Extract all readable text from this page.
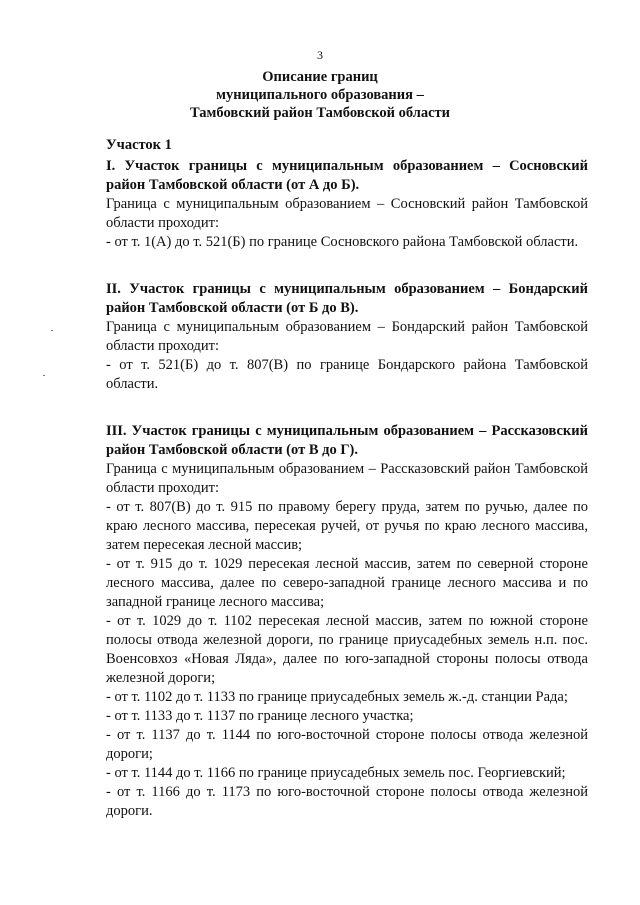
3
Описание границ
муниципального образования –
Тамбовский район Тамбовской области

Участок 1

I. Участок границы с муниципальным образованием – Сосновский район Тамбовской области (от А до Б).

Граница с муниципальным образованием – Сосновский район Тамбовской области проходит:

- от т. 1(А) до т. 521(Б) по границе Сосновского района Тамбовской области.

II. Участок границы с муниципальным образованием – Бондарский район Тамбовской области (от Б до В).

Граница с муниципальным образованием – Бондарский район Тамбовской области проходит:

- от т. 521(Б) до т. 807(В) по границе Бондарского района Тамбовской области.

III. Участок границы с муниципальным образованием – Рассказовский район Тамбовской области (от В до Г).

Граница с муниципальным образованием – Рассказовский район Тамбовской области проходит:

- от т. 807(В) до т. 915 по правому берегу пруда, затем по ручью, далее по краю лесного массива, пересекая ручей, от ручья по краю лесного массива, затем пересекая лесной массив;

- от т. 915 до т. 1029 пересекая лесной массив, затем по северной стороне лесного массива, далее по северо-западной границе лесного массива и по западной границе лесного массива;

- от т. 1029 до т. 1102 пересекая лесной массив, затем по южной стороне полосы отвода железной дороги, по границе приусадебных земель н.п. пос. Военсовхоз «Новая Ляда», далее по юго-западной стороны полосы отвода железной дороги;

- от т. 1102 до т. 1133 по границе приусадебных земель ж.-д. станции Рада;

- от т. 1133 до т. 1137 по границе лесного участка;

- от т. 1137 до т. 1144 по юго-восточной стороне полосы отвода железной дороги;

- от т. 1144 до т. 1166 по границе приусадебных земель пос. Георгиевский;

- от т. 1166 до т. 1173 по юго-восточной стороне полосы отвода железной дороги.
